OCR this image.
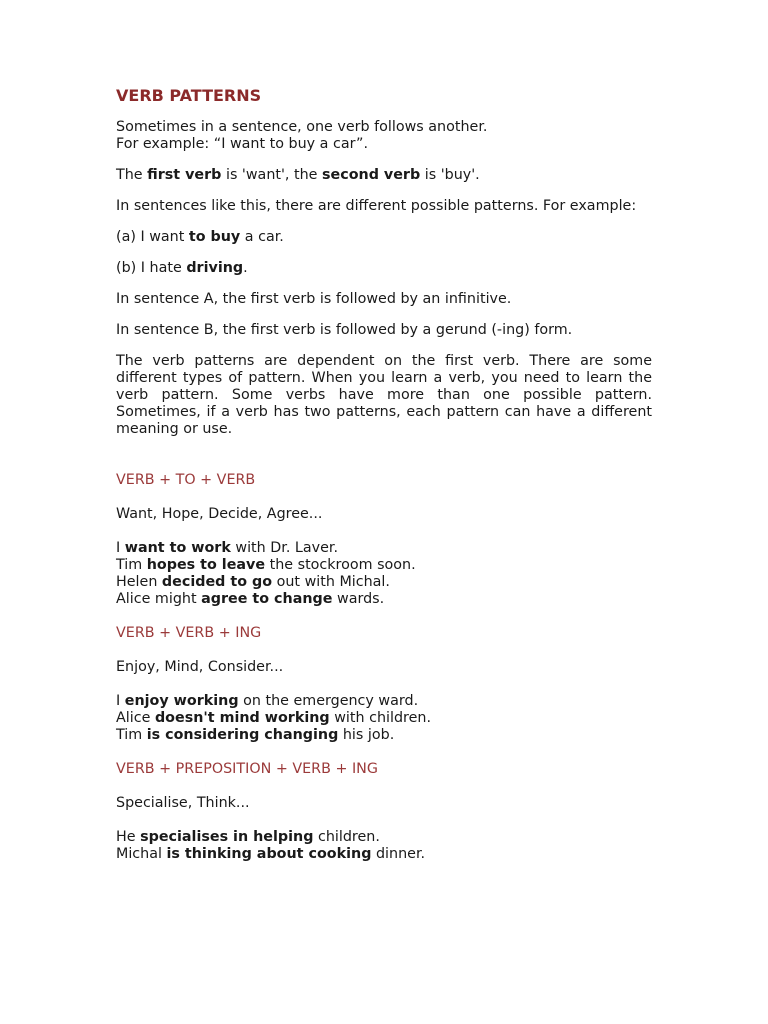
VERB PATTERNS

Sometimes in a sentence, one verb follows another.
For example: “I want to buy a car”.

The first verb is 'want', the second verb is 'buy'.

In sentences like this, there are different possible patterns. For example:

(a) I want to buy a car.

(b) I hate driving.

In sentence A, the first verb is followed by an infinitive.

In sentence B, the first verb is followed by a gerund (-ing) form.

The verb patterns are dependent on the first verb. There are some different types of pattern. When you learn a verb, you need to learn the verb pattern. Some verbs have more than one possible pattern. Sometimes, if a verb has two patterns, each pattern can have a different meaning or use.

VERB + TO + VERB

Want, Hope, Decide, Agree...

I want to work with Dr. Laver.

Tim hopes to leave the stockroom soon.

Helen decided to go out with Michal.

Alice might agree to change wards.

VERB + VERB + ING

Enjoy, Mind, Consider...

I enjoy working on the emergency ward.

Alice doesn't mind working with children.

Tim is considering changing his job.

VERB + PREPOSITION + VERB + ING

Specialise, Think...

He specialises in helping children.

Michal is thinking about cooking dinner.
